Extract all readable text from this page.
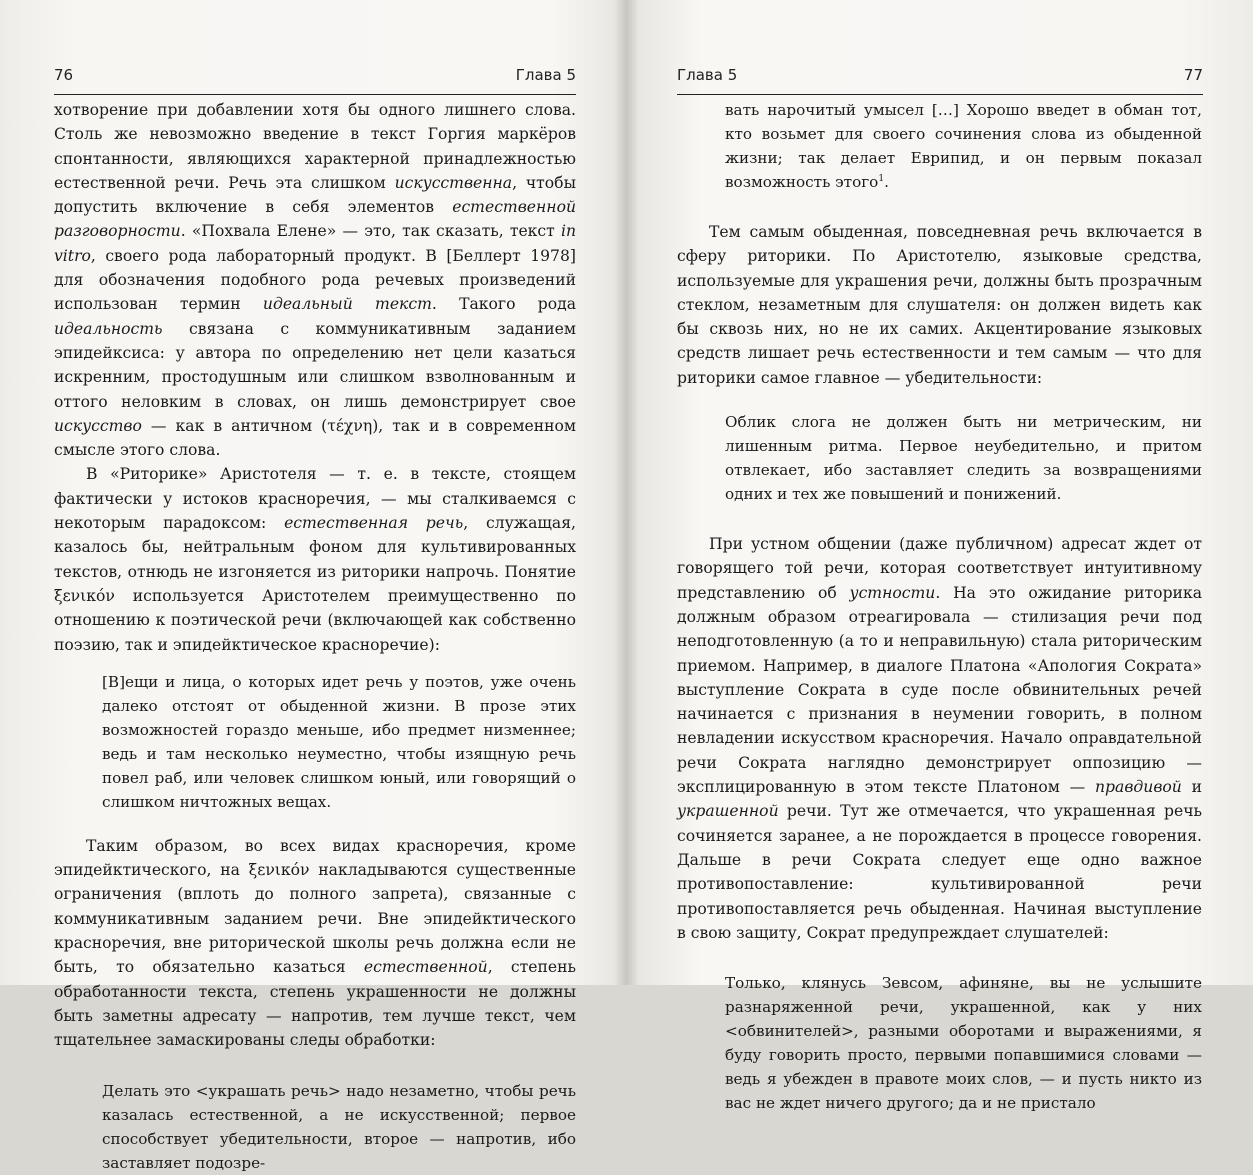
76	Глава 5

хотворение при добавлении хотя бы одного лишнего слова. Столь же невозможно введение в текст Горгия маркёров спонтанности, являющихся характерной принадлежностью естественной речи. Речь эта слишком искусственна, чтобы допустить включение в себя элементов естественной разговорности. «Похвала Елене» — это, так сказать, текст in vitro, своего рода лабораторный продукт. В [Беллерт 1978] для обозначения подобного рода речевых произведений использован термин идеальный текст. Такого рода идеальность связана с коммуникативным заданием эпидейксиса: у автора по определению нет цели казаться искренним, простодушным или слишком взволнованным и оттого неловким в словах, он лишь демонстрирует свое искусство — как в античном (τέχνη), так и в современном смысле этого слова.

В «Риторике» Аристотеля — т. е. в тексте, стоящем фактически у истоков красноречия, — мы сталкиваемся с некоторым парадоксом: естественная речь, служащая, казалось бы, нейтральным фоном для культивированных текстов, отнюдь не изгоняется из риторики напрочь. Понятие ξενικόν используется Аристотелем преимущественно по отношению к поэтической речи (включающей как собственно поэзию, так и эпидейктическое красноречие):

[В]ещи и лица, о которых идет речь у поэтов, уже очень далеко отстоят от обыденной жизни. В прозе этих возможностей гораздо меньше, ибо предмет низменнее; ведь и там несколько неуместно, чтобы изящную речь повел раб, или человек слишком юный, или говорящий о слишком ничтожных вещах.

Таким образом, во всех видах красноречия, кроме эпидейктического, на ξενικόν накладываются существенные ограничения (вплоть до полного запрета), связанные с коммуникативным заданием речи. Вне эпидейктического красноречия, вне риторической школы речь должна если не быть, то обязательно казаться естественной, степень обработанности текста, степень украшенности не должны быть заметны адресату — напротив, тем лучше текст, чем тщательнее замаскированы следы обработки:

Делать это <украшать речь> надо незаметно, чтобы речь казалась естественной, а не искусственной; первое способствует убедительности, второе — напротив, ибо заставляет подозре-

Глава 5	77

вать нарочитый умысел […] Хорошо введет в обман тот, кто возьмет для своего сочинения слова из обыденной жизни; так делает Еврипид, и он первым показал возможность этого$^1$.

Тем самым обыденная, повседневная речь включается в сферу риторики. По Аристотелю, языковые средства, используемые для украшения речи, должны быть прозрачным стеклом, незаметным для слушателя: он должен видеть как бы сквозь них, но не их самих. Акцентирование языковых средств лишает речь естественности и тем самым — что для риторики самое главное — убедительности:

Облик слога не должен быть ни метрическим, ни лишенным ритма. Первое неубедительно, и притом отвлекает, ибо заставляет следить за возвращениями одних и тех же повышений и понижений.

При устном общении (даже публичном) адресат ждет от говорящего той речи, которая соответствует интуитивному представлению об устности. На это ожидание риторика должным образом отреагировала — стилизация речи под неподготовленную (а то и неправильную) стала риторическим приемом. Например, в диалоге Платона «Апология Сократа» выступление Сократа в суде после обвинительных речей начинается с признания в неумении говорить, в полном невладении искусством красноречия. Начало оправдательной речи Сократа наглядно демонстрирует оппозицию — эксплицированную в этом тексте Платоном — правдивой и украшенной речи. Тут же отмечается, что украшенная речь сочиняется заранее, а не порождается в процессе говорения. Дальше в речи Сократа следует еще одно важное противопоставление: культивированной речи противопоставляется речь обыденная. Начиная выступление в свою защиту, Сократ предупреждает слушателей:

Только, клянусь Зевсом, афиняне, вы не услышите разнаряженной речи, украшенной, как у них <обвинителей>, разными оборотами и выражениями, я буду говорить просто, первыми попавшимися словами — ведь я убежден в правоте моих слов, — и пусть никто из вас не ждет ничего другого; да и не пристало
